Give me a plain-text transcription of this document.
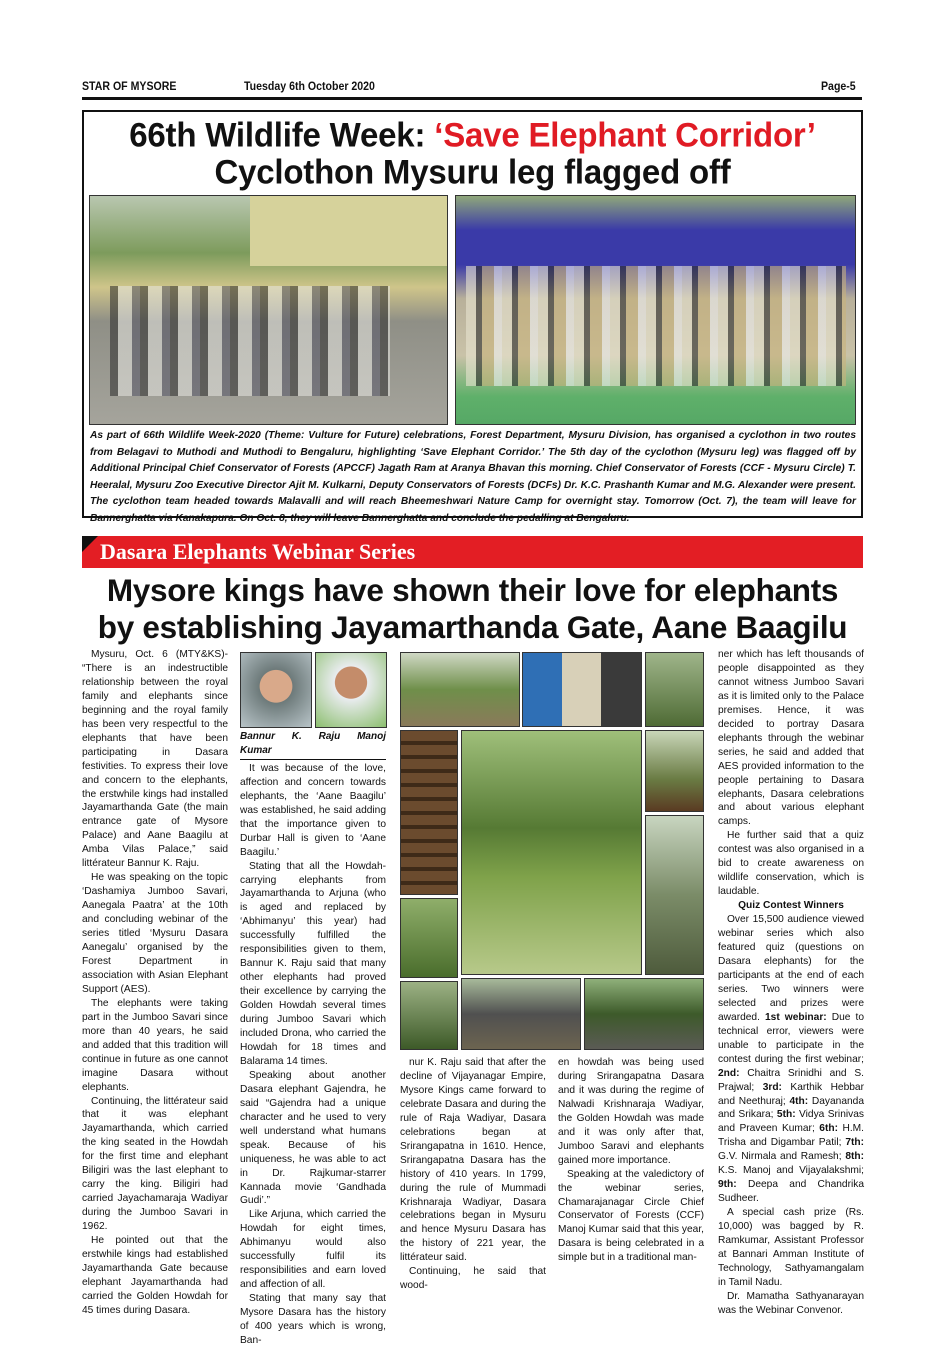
STAR OF MYSORE	Tuesday 6th October 2020	Page-5
66th Wildlife Week: ‘Save Elephant Corridor’
Cyclothon Mysuru leg flagged off
As part of 66th Wildlife Week-2020 (Theme: Vulture for Future) celebrations, Forest Department, Mysuru Division, has organised a cyclothon in two routes from Belagavi to Muthodi and Muthodi to Bengaluru, highlighting ‘Save Elephant Corridor.’ The 5th day of the cyclothon (Mysuru leg) was flagged off by Additional Principal Chief Conservator of Forests (APCCF) Jagath Ram at Aranya Bhavan this morning. Chief Conservator of Forests (CCF - Mysuru Circle) T. Heeralal, Mysuru Zoo Executive Director Ajit M. Kulkarni, Deputy Conservators of Forests (DCFs) Dr. K.C. Prashanth Kumar and M.G. Alexander were present. The cyclothon team headed towards Malavalli and will reach Bheemeshwari Nature Camp for overnight stay. Tomorrow (Oct. 7), the team will leave for Bannerghatta via Kanakapura. On Oct. 8, they will leave Bannerghatta and conclude the pedalling at Bengaluru.
Dasara Elephants Webinar Series
Mysore kings have shown their love for elephants
by establishing Jayamarthanda Gate, Aane Baagilu

Mysuru, Oct. 6 (MTY&KS)- “There is an indestructible relationship between the royal family and elephants since beginning and the royal family has been very respectful to the elephants that have been participating in Dasara festivities. To express their love and concern to the elephants, the erstwhile kings had installed Jayamarthanda Gate (the main entrance gate of Mysore Palace) and Aane Baagilu at Amba Vilas Palace,” said littérateur Bannur K. Raju.

He was speaking on the topic ‘Dashamiya Jumboo Savari, Aanegala Paatra’ at the 10th and concluding webinar of the series titled ‘Mysuru Dasara Aanegalu’ organised by the Forest Department in association with Asian Elephant Support (AES).

The elephants were taking part in the Jumboo Savari since more than 40 years, he said and added that this tradition will continue in future as one cannot imagine Dasara without elephants.

Continuing, the littérateur said that it was elephant Jayamarthanda, which carried the king seated in the Howdah for the first time and elephant Biligiri was the last elephant to carry the king. Biligiri had carried Jayachamaraja Wadiyar during the Jumboo Savari in 1962.

He pointed out that the erstwhile kings had established Jayamarthanda Gate because elephant Jayamarthanda had carried the Golden Howdah for 45 times during Dasara.

Bannur K. Raju Manoj Kumar

It was because of the love, affection and concern towards elephants, the ‘Aane Baagilu’ was established, he said adding that the importance given to Durbar Hall is given to ‘Aane Baagilu.’

Stating that all the Howdah-carrying elephants from Jayamarthanda to Arjuna (who is aged and replaced by ‘Abhimanyu’ this year) had successfully fulfilled the responsibilities given to them, Bannur K. Raju said that many other elephants had proved their excellence by carrying the Golden Howdah several times during Jumboo Savari which included Drona, who carried the Howdah for 18 times and Balarama 14 times.

Speaking about another Dasara elephant Gajendra, he said “Gajendra had a unique character and he used to very well understand what humans speak. Because of his uniqueness, he was able to act in Dr. Rajkumar-starrer Kannada movie ‘Gandhada Gudi’.”

Like Arjuna, which carried the Howdah for eight times, Abhimanyu would also successfully fulfil its responsibilities and earn loved and affection of all.

Stating that many say that Mysore Dasara has the history of 400 years which is wrong, Ban-

nur K. Raju said that after the decline of Vijayanagar Empire, Mysore Kings came forward to celebrate Dasara and during the rule of Raja Wadiyar, Dasara celebrations began at Srirangapatna in 1610. Hence, Srirangapatna Dasara has the history of 410 years. In 1799, during the rule of Mummadi Krishnaraja Wadiyar, Dasara celebrations began in Mysuru and hence Mysuru Dasara has the history of 221 year, the littérateur said.

Continuing, he said that wood-

en howdah was being used during Srirangapatna Dasara and it was during the regime of Nalwadi Krishnaraja Wadiyar, the Golden Howdah was made and it was only after that, Jumboo Saravi and elephants gained more importance.

Speaking at the valedictory of the webinar series, Chamarajanagar Circle Chief Conservator of Forests (CCF) Manoj Kumar said that this year, Dasara is being celebrated in a simple but in a traditional man-

ner which has left thousands of people disappointed as they cannot witness Jumboo Savari as it is limited only to the Palace premises. Hence, it was decided to portray Dasara elephants through the webinar series, he said and added that AES provided information to the people pertaining to Dasara elephants, Dasara celebrations and about various elephant camps.

He further said that a quiz contest was also organised in a bid to create awareness on wildlife conservation, which is laudable.

Quiz Contest Winners

Over 15,500 audience viewed webinar series which also featured quiz (questions on Dasara elephants) for the participants at the end of each series. Two winners were selected and prizes were awarded. 1st webinar: Due to technical error, viewers were unable to participate in the contest during the first webinar; 2nd: Chaitra Srinidhi and S. Prajwal; 3rd: Karthik Hebbar and Neethuraj; 4th: Dayananda and Srikara; 5th: Vidya Srinivas and Praveen Kumar; 6th: H.M. Trisha and Digambar Patil; 7th: G.V. Nirmala and Ramesh; 8th: K.S. Manoj and Vijayalakshmi; 9th: Deepa and Chandrika Sudheer.

A special cash prize (Rs. 10,000) was bagged by R. Ramkumar, Assistant Professor at Bannari Amman Institute of Technology, Sathyamangalam in Tamil Nadu.

Dr. Mamatha Sathyanarayan was the Webinar Convenor.
